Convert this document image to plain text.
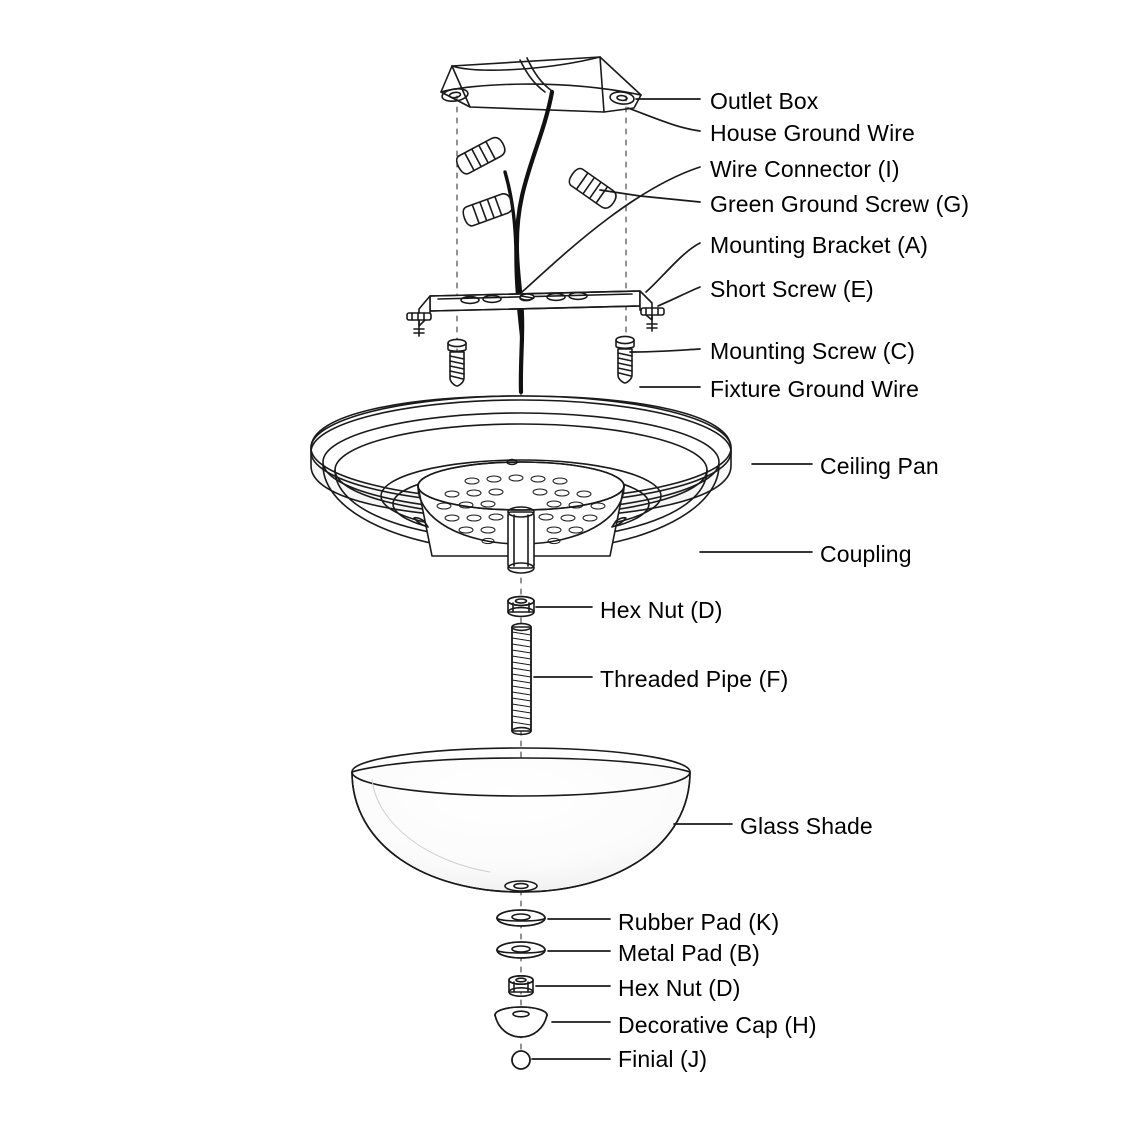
Outlet Box
House Ground Wire
Wire Connector (I)
Green Ground Screw (G)
Mounting Bracket (A)
Short Screw (E)
Mounting Screw (C)
Fixture Ground Wire
Ceiling Pan
Coupling
Hex Nut (D)
Threaded Pipe (F)
Glass Shade
Rubber Pad (K)
Metal Pad (B)
Hex Nut (D)
Decorative Cap (H)
Finial (J)
